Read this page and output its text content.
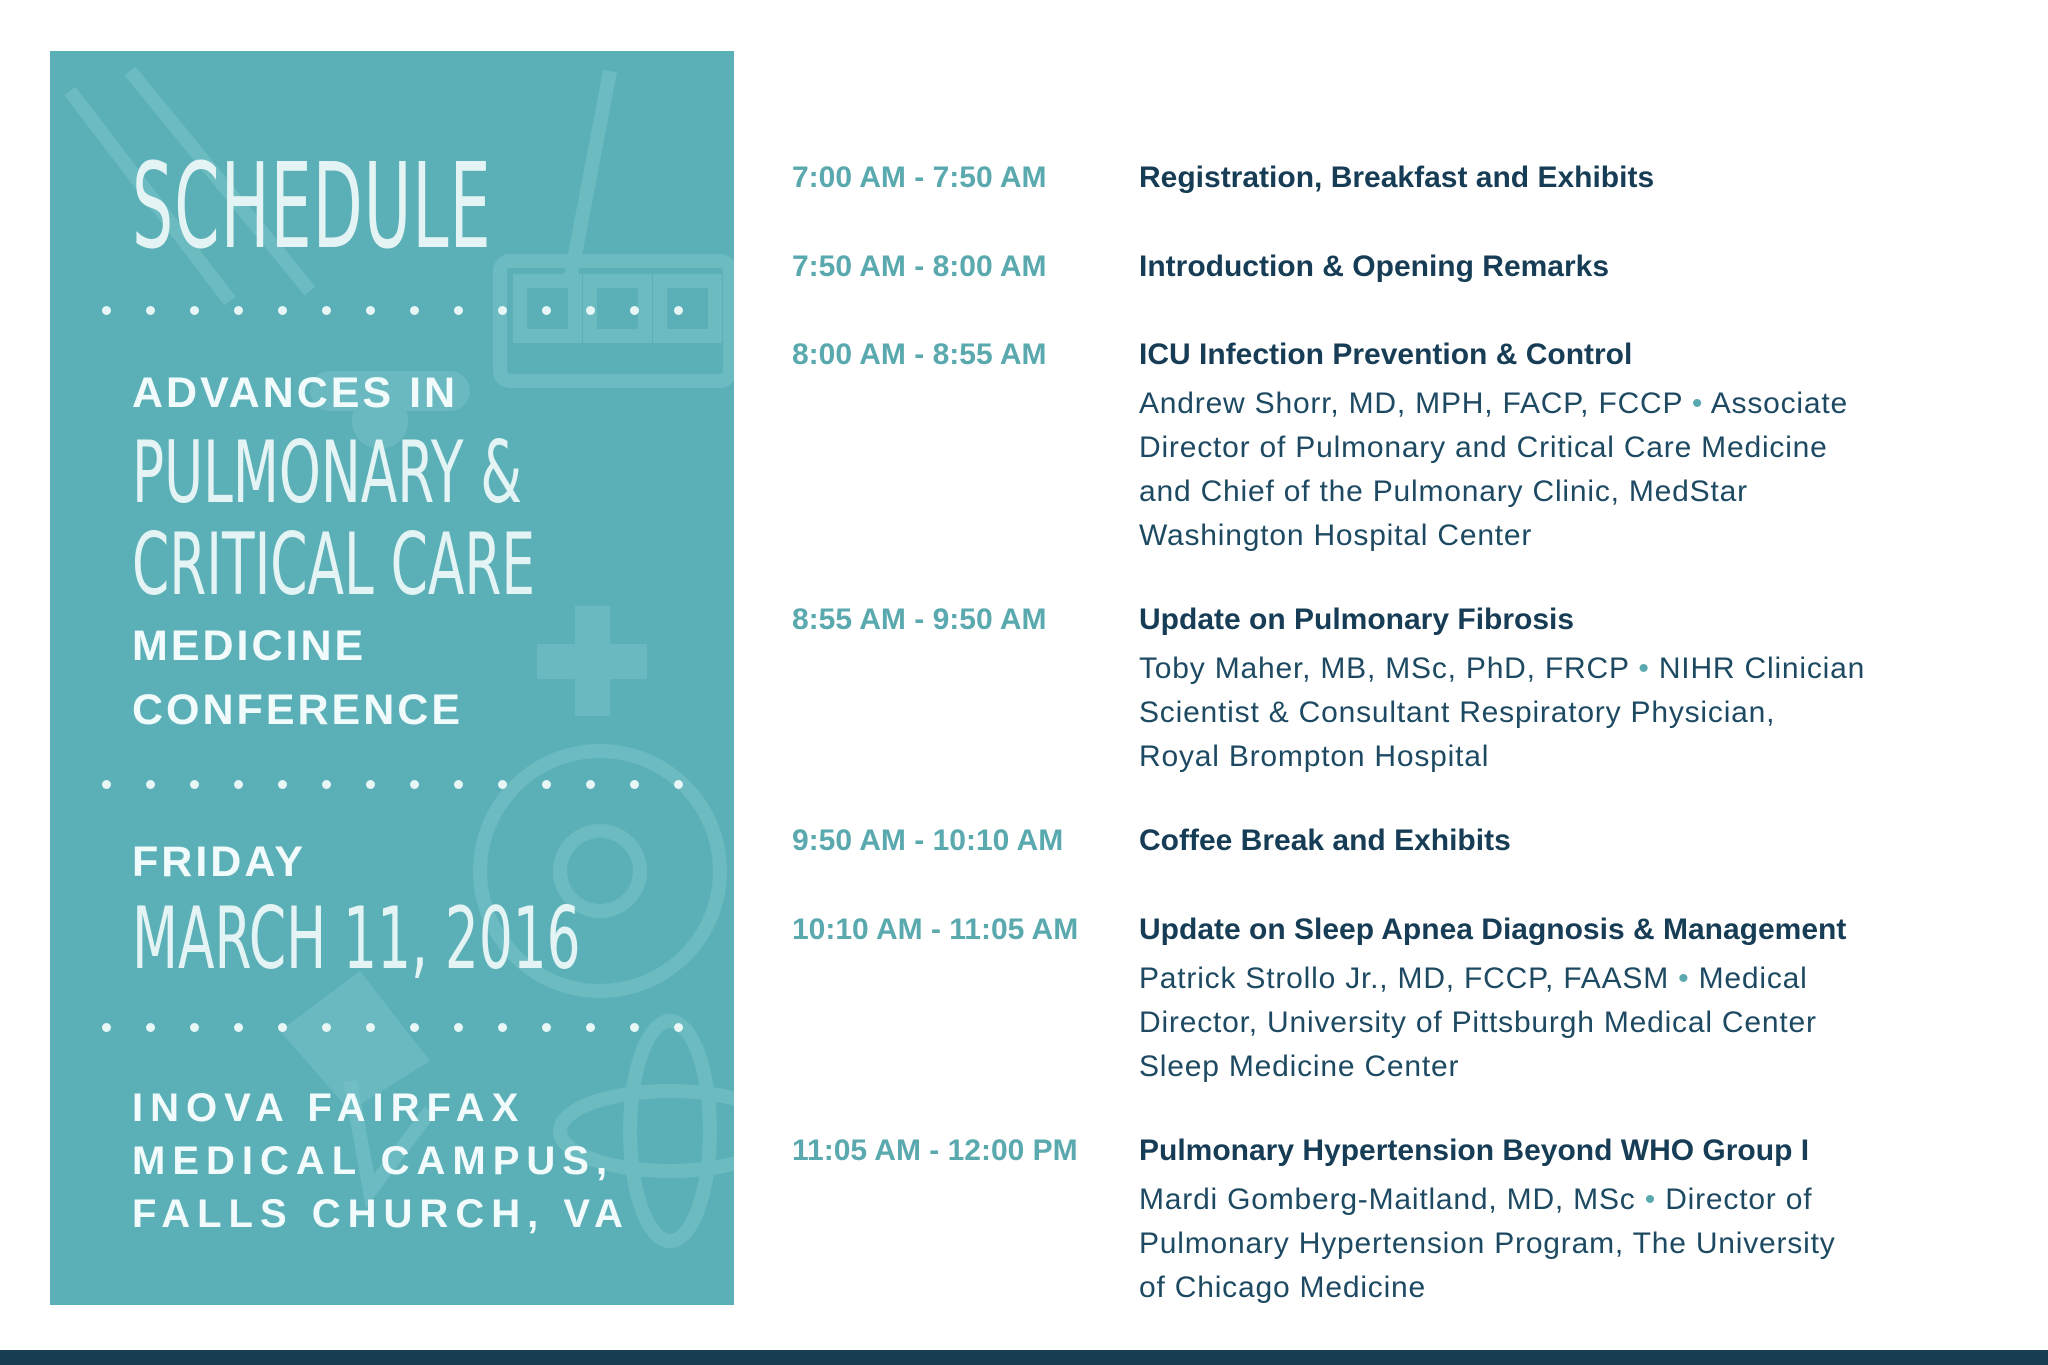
SCHEDULE
ADVANCES IN
PULMONARY &
CRITICAL CARE
MEDICINE
CONFERENCE
FRIDAY
MARCH 11, 2016
INOVA FAIRFAX
MEDICAL CAMPUS,
FALLS CHURCH, VA
7:00 AM - 7:50 AM	Registration, Breakfast and Exhibits
7:50 AM - 8:00 AM	Introduction & Opening Remarks
8:00 AM - 8:55 AM	ICU Infection Prevention & Control
Andrew Shorr, MD, MPH, FACP, FCCP • Associate
Director of Pulmonary and Critical Care Medicine
and Chief of the Pulmonary Clinic, MedStar
Washington Hospital Center
8:55 AM - 9:50 AM	Update on Pulmonary Fibrosis
Toby Maher, MB, MSc, PhD, FRCP • NIHR Clinician
Scientist & Consultant Respiratory Physician,
Royal Brompton Hospital
9:50 AM - 10:10 AM	Coffee Break and Exhibits
10:10 AM - 11:05 AM Update on Sleep Apnea Diagnosis & Management
Patrick Strollo Jr., MD, FCCP, FAASM • Medical
Director, University of Pittsburgh Medical Center
Sleep Medicine Center
11:05 AM - 12:00 PM Pulmonary Hypertension Beyond WHO Group I
Mardi Gomberg-Maitland, MD, MSc • Director of
Pulmonary Hypertension Program, The University
of Chicago Medicine
